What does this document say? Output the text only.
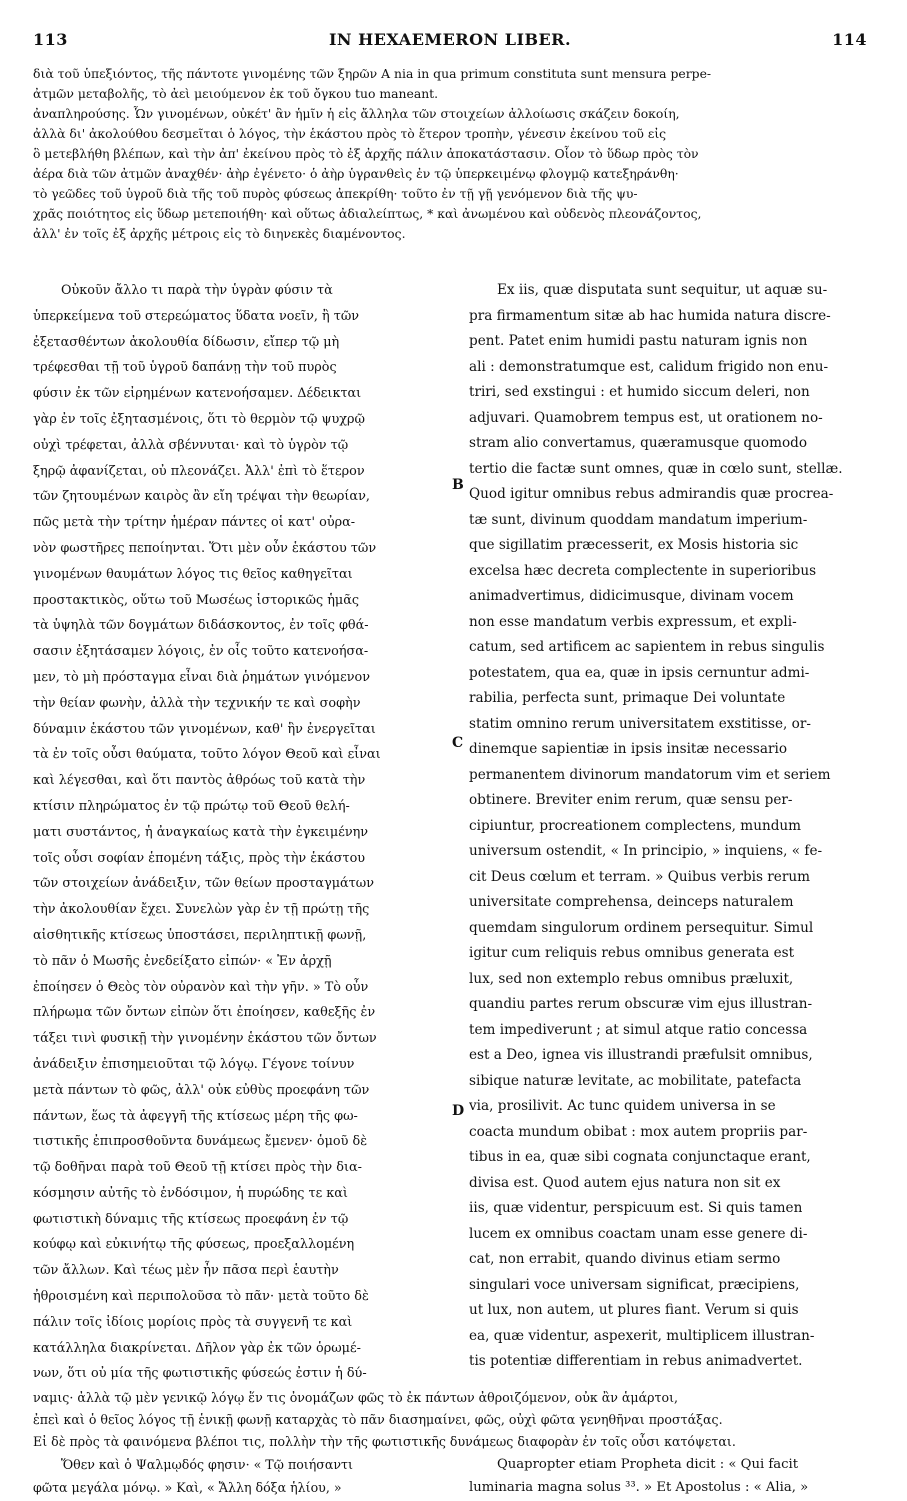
113	IN HEXAEMERON LIBER.	114
διὰ τοῦ ὑπεξιόντος, τῆς πάντοτε γινομένης τῶν ξηρῶν A nia in qua primum constituta sunt mensura perpe-
ἀτμῶν μεταβολῆς, τὸ ἀεὶ μειούμενον ἐκ τοῦ ὄγκου tuo maneant.
ἀναπληρούσης. Ὧν γινομένων, οὐκέτ' ἂν ἡμῖν ἡ εἰς ἄλληλα τῶν στοιχείων ἀλλοίωσις σκάζειν δοκοίη,
ἀλλὰ δι' ἀκολούθου δεσμεῖται ὁ λόγος, τὴν ἑκάστου πρὸς τὸ ἕτερον τροπὴν, γένεσιν ἐκείνου τοῦ εἰς
ὃ μετεβλήθη βλέπων, καὶ τὴν ἀπ' ἐκείνου πρὸς τὸ ἐξ ἀρχῆς πάλιν ἀποκατάστασιν. Οἷον τὸ ὕδωρ πρὸς τὸν
ἀέρα διὰ τῶν ἀτμῶν ἀναχθέν· ἀὴρ ἐγένετο· ὁ ἀὴρ ὑγρανθεὶς ἐν τῷ ὑπερκειμένῳ φλογμῷ κατεξηράνθη·
τὸ γεῶδες τοῦ ὑγροῦ διὰ τῆς τοῦ πυρὸς φύσεως ἀπεκρίθη· τοῦτο ἐν τῇ γῇ γενόμενον διὰ τῆς ψυ-
χρᾶς ποιότητος εἰς ὕδωρ μετεποιήθη· καὶ οὕτως ἀδιαλείπτως, * καὶ ἀνωμένου καὶ οὐδενὸς πλεονάζοντος,
ἀλλ' ἐν τοῖς ἐξ ἀρχῆς μέτροις εἰς τὸ διηνεκὲς διαμένοντος.
Οὐκοῦν ἄλλο τι παρὰ τὴν ὑγρὰν φύσιν τὰ
ὑπερκείμενα τοῦ στερεώματος ὕδατα νοεῖν, ἢ τῶν
ἐξετασθέντων ἀκολουθία δίδωσιν, εἴπερ τῷ μὴ
τρέφεσθαι τῇ τοῦ ὑγροῦ δαπάνῃ τὴν τοῦ πυρὸς
φύσιν ἐκ τῶν εἰρημένων κατενοήσαμεν. Δέδεικται
γὰρ ἐν τοῖς ἐξητασμένοις, ὅτι τὸ θερμὸν τῷ ψυχρῷ
οὐχὶ τρέφεται, ἀλλὰ σβέννυται· καὶ τὸ ὑγρὸν τῷ
ξηρῷ ἀφανίζεται, οὐ πλεονάζει. Ἀλλ' ἐπὶ τὸ ἕτερον
τῶν ζητουμένων καιρὸς ἂν εἴη τρέψαι τὴν θεωρίαν,
πῶς μετὰ τὴν τρίτην ἡμέραν πάντες οἱ κατ' οὐρα-
νὸν φωστῆρες πεποίηνται. Ὅτι μὲν οὖν ἑκάστου τῶν
γινομένων θαυμάτων λόγος τις θεῖος καθηγεῖται
προστακτικὸς, οὕτω τοῦ Μωσέως ἱστορικῶς ἡμᾶς
τὰ ὑψηλὰ τῶν δογμάτων διδάσκοντος, ἐν τοῖς φθά-
σασιν ἐξητάσαμεν λόγοις, ἐν οἷς τοῦτο κατενοήσα-
μεν, τὸ μὴ πρόσταγμα εἶναι διὰ ῥημάτων γινόμενον
τὴν θείαν φωνὴν, ἀλλὰ τὴν τεχνικήν τε καὶ σοφὴν
δύναμιν ἑκάστου τῶν γινομένων, καθ' ἣν ἐνεργεῖται
τὰ ἐν τοῖς οὖσι θαύματα, τοῦτο λόγον Θεοῦ καὶ εἶναι
καὶ λέγεσθαι, καὶ ὅτι παντὸς ἀθρόως τοῦ κατὰ τὴν
κτίσιν πληρώματος ἐν τῷ πρώτῳ τοῦ Θεοῦ θελή-
ματι συστάντος, ἡ ἀναγκαίως κατὰ τὴν ἐγκειμένην
τοῖς οὖσι σοφίαν ἑπομένη τάξις, πρὸς τὴν ἑκάστου
τῶν στοιχείων ἀνάδειξιν, τῶν θείων προσταγμάτων
τὴν ἀκολουθίαν ἔχει. Συνελὼν γὰρ ἐν τῇ πρώτῃ τῆς
αἰσθητικῆς κτίσεως ὑποστάσει, περιληπτικῇ φωνῇ,
τὸ πᾶν ὁ Μωσῆς ἐνεδείξατο εἰπών· « Ἐν ἀρχῇ
ἐποίησεν ὁ Θεὸς τὸν οὐρανὸν καὶ τὴν γῆν. » Τὸ οὖν
πλήρωμα τῶν ὄντων εἰπὼν ὅτι ἐποίησεν, καθεξῆς ἐν
τάξει τινὶ φυσικῇ τὴν γινομένην ἑκάστου τῶν ὄντων
ἀνάδειξιν ἐπισημειοῦται τῷ λόγῳ. Γέγονε τοίνυν
μετὰ πάντων τὸ φῶς, ἀλλ' οὐκ εὐθὺς προεφάνη τῶν
πάντων, ἕως τὰ ἀφεγγῆ τῆς κτίσεως μέρη τῆς φω-
τιστικῆς ἐπιπροσθοῦντα δυνάμεως ἔμενεν· ὁμοῦ δὲ
τῷ δοθῆναι παρὰ τοῦ Θεοῦ τῇ κτίσει πρὸς τὴν δια-
κόσμησιν αὐτῆς τὸ ἐνδόσιμον, ἡ πυρώδης τε καὶ
φωτιστικὴ δύναμις τῆς κτίσεως προεφάνη ἐν τῷ
κούφῳ καὶ εὐκινήτῳ τῆς φύσεως, προεξαλλομένη
τῶν ἄλλων. Καὶ τέως μὲν ἦν πᾶσα περὶ ἑαυτὴν
ἠθροισμένη καὶ περιπολοῦσα τὸ πᾶν· μετὰ τοῦτο δὲ
πάλιν τοῖς ἰδίοις μορίοις πρὸς τὰ συγγενῆ τε καὶ
κατάλληλα διακρίνεται. Δῆλον γὰρ ἐκ τῶν ὁρωμέ-
νων, ὅτι οὐ μία τῆς φωτιστικῆς φύσεώς ἐστιν ἡ δύ-
Ex iis, quæ disputata sunt sequitur, ut aquæ su-
pra firmamentum sitæ ab hac humida natura discre-
pent. Patet enim humidi pastu naturam ignis non
ali : demonstratumque est, calidum frigido non enu-
triri, sed exstingui : et humido siccum deleri, non
adjuvari. Quamobrem tempus est, ut orationem no-
stram alio convertamus, quæramusque quomodo
tertio die factæ sunt omnes, quæ in cœlo sunt, stellæ.
Quod igitur omnibus rebus admirandis quæ procrea-
tæ sunt, divinum quoddam mandatum imperium-
que sigillatim præcesserit, ex Mosis historia sic
excelsa hæc decreta complectente in superioribus
animadvertimus, didicimusque, divinam vocem
non esse mandatum verbis expressum, et expli-
catum, sed artificem ac sapientem in rebus singulis
potestatem, qua ea, quæ in ipsis cernuntur admi-
rabilia, perfecta sunt, primaque Dei voluntate
statim omnino rerum universitatem exstitisse, or-
dinemque sapientiæ in ipsis insitæ necessario
permanentem divinorum mandatorum vim et seriem
obtinere. Breviter enim rerum, quæ sensu per-
cipiuntur, procreationem complectens, mundum
universum ostendit, « In principio, » inquiens, « fe-
cit Deus cœlum et terram. » Quibus verbis rerum
universitate comprehensa, deinceps naturalem
quemdam singulorum ordinem persequitur. Simul
igitur cum reliquis rebus omnibus generata est
lux, sed non extemplo rebus omnibus præluxit,
quandiu partes rerum obscuræ vim ejus illustran-
tem impediverunt ; at simul atque ratio concessa
est a Deo, ignea vis illustrandi præfulsit omnibus,
sibique naturæ levitate, ac mobilitate, patefacta
via, prosilivit. Ac tunc quidem universa in se
coacta mundum obibat : mox autem propriis par-
tibus in ea, quæ sibi cognata conjunctaque erant,
divisa est. Quod autem ejus natura non sit ex
iis, quæ videntur, perspicuum est. Si quis tamen
lucem ex omnibus coactam unam esse genere di-
cat, non errabit, quando divinus etiam sermo
singulari voce universam significat, præcipiens,
ut lux, non autem, ut plures fiant. Verum si quis
ea, quæ videntur, aspexerit, multiplicem illustran-
tis potentiæ differentiam in rebus animadvertet.
B
C
D
ναμις· ἀλλὰ τῷ μὲν γενικῷ λόγῳ ἕν τις ὀνομάζων φῶς τὸ ἐκ πάντων ἀθροιζόμενον, οὐκ ἂν ἁμάρτοι,
ἐπεὶ καὶ ὁ θεῖος λόγος τῇ ἑνικῇ φωνῇ καταρχὰς τὸ πᾶν διασημαίνει, φῶς, οὐχὶ φῶτα γενηθῆναι προστάξας.
Εἰ δὲ πρὸς τὰ φαινόμενα βλέποι τις, πολλὴν τὴν τῆς φωτιστικῆς δυνάμεως διαφορὰν ἐν τοῖς οὖσι κατόψεται.
Ὅθεν καὶ ὁ Ψαλμῳδός φησιν· « Τῷ ποιήσαντι
φῶτα μεγάλα μόνῳ. » Καὶ, « Ἄλλη δόξα ἡλίου, »
Quapropter etiam Propheta dicit : « Qui facit
luminaria magna solus ³³. » Et Apostolus : « Alia, »
